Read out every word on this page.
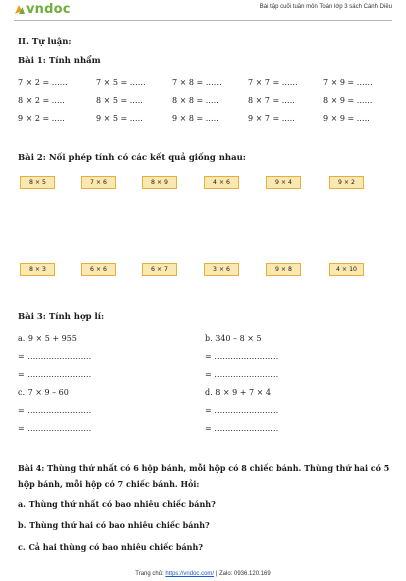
vndoc	Bài tập cuối tuần môn Toán lớp 3 sách Cánh Diều
II. Tự luận:
Bài 1: Tính nhẩm
7 × 2 = ……	7 × 5 = ……	7 × 8 = ……	7 × 7 = ……	7 × 9 = ……
8 × 2 = .….	8 × 5 = .….	8 × 8 = .….	8 × 7 = .….	8 × 9 = .…..
9 × 2 = .….	9 × 5 = .….	9 × 8 = .….	9 × 7 = .….	9 × 9 = .….
Bài 2: Nối phép tính có các kết quả giống nhau:
8 × 5	7 × 6	8 × 9	4 × 6	9 × 4	9 × 2
8 × 3	6 × 6	6 × 7	3 × 6	9 × 8	4 × 10
Bài 3: Tính hợp lí:
a. 9 × 5 + 955	b. 340 – 8 × 5
= ……………………	= ……………………
= ……………………	= ……………………
c. 7 × 9 – 60	d. 8 × 9 + 7 × 4
= ……………………	= ……………………
= ……………………	= ……………………
Bài 4: Thùng thứ nhất có 6 hộp bánh, mỗi hộp có 8 chiếc bánh. Thùng thứ hai có 5
hộp bánh, mỗi hộp có 7 chiếc bánh. Hỏi:
a. Thùng thứ nhất có bao nhiêu chiếc bánh?
b. Thùng thứ hai có bao nhiêu chiếc bánh?
c. Cả hai thùng có bao nhiêu chiếc bánh?
Trang chủ: https://vndoc.com/ | Zalo: 0936.120.169
